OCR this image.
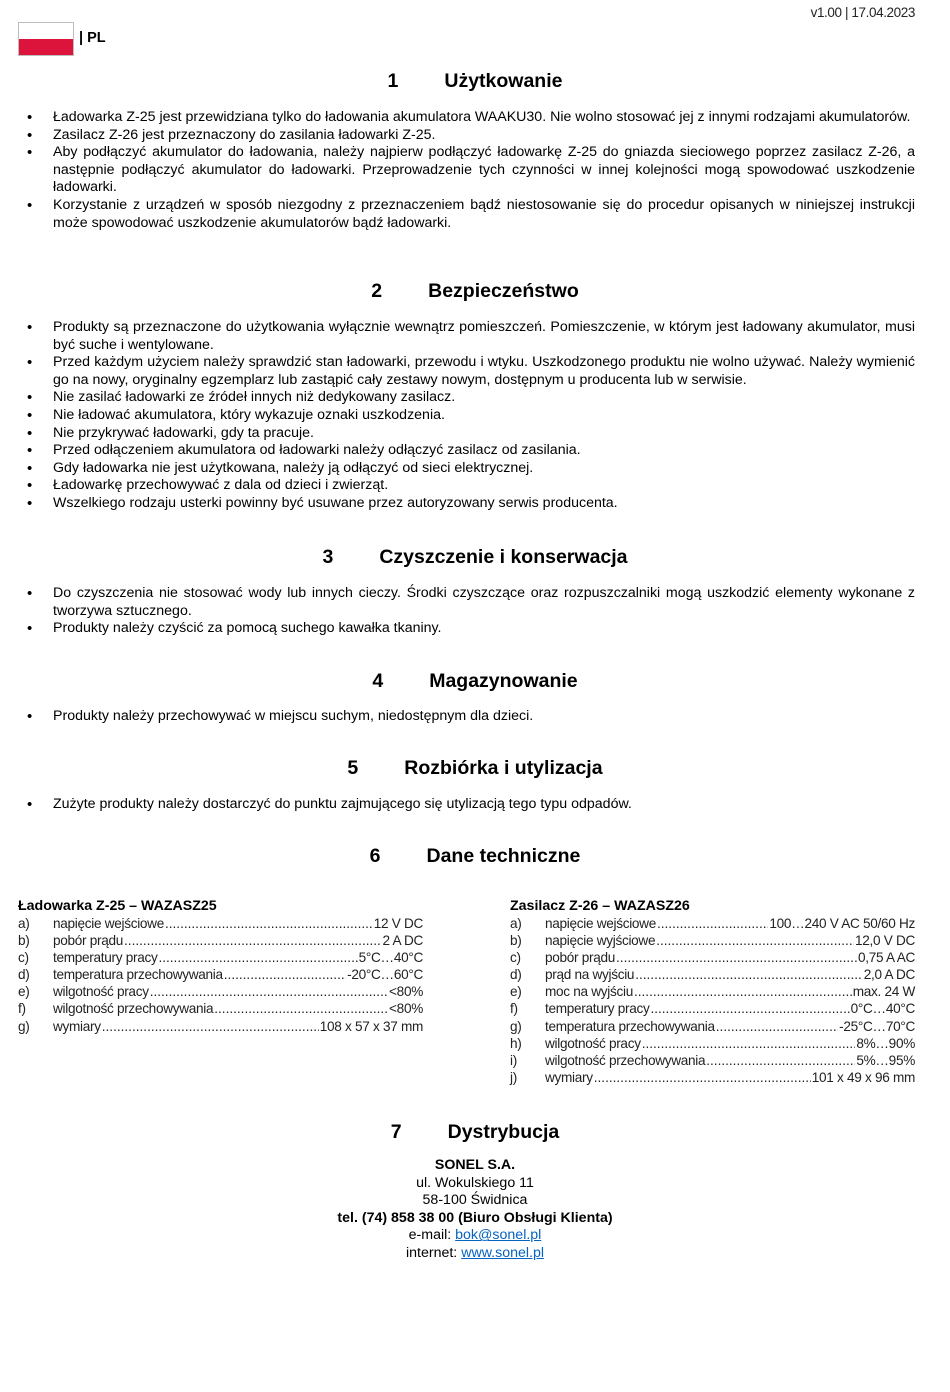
v1.00 | 17.04.2023
| PL
1 Użytkowanie
• Ładowarka Z-25 jest przewidziana tylko do ładowania akumulatora WAAKU30. Nie wolno stosować jej z innymi rodzajami akumulatorów.
• Zasilacz Z-26 jest przeznaczony do zasilania ładowarki Z-25.
• Aby podłączyć akumulator do ładowania, należy najpierw podłączyć ładowarkę Z-25 do gniazda sieciowego poprzez zasilacz Z-26, a następnie podłączyć akumulator do ładowarki. Przeprowadzenie tych czynności w innej kolejności mogą spowodować uszkodzenie ładowarki.
• Korzystanie z urządzeń w sposób niezgodny z przeznaczeniem bądź niestosowanie się do procedur opisanych w niniejszej instrukcji może spowodować uszkodzenie akumulatorów bądź ładowarki.
2 Bezpieczeństwo
• Produkty są przeznaczone do użytkowania wyłącznie wewnątrz pomieszczeń. Pomieszczenie, w którym jest ładowany akumulator, musi być suche i wentylowane.
• Przed każdym użyciem należy sprawdzić stan ładowarki, przewodu i wtyku. Uszkodzonego produktu nie wolno używać. Należy wymienić go na nowy, oryginalny egzemplarz lub zastąpić cały zestawy nowym, dostępnym u producenta lub w serwisie.
• Nie zasilać ładowarki ze źródeł innych niż dedykowany zasilacz.
• Nie ładować akumulatora, który wykazuje oznaki uszkodzenia.
• Nie przykrywać ładowarki, gdy ta pracuje.
• Przed odłączeniem akumulatora od ładowarki należy odłączyć zasilacz od zasilania.
• Gdy ładowarka nie jest użytkowana, należy ją odłączyć od sieci elektrycznej.
• Ładowarkę przechowywać z dala od dzieci i zwierząt.
• Wszelkiego rodzaju usterki powinny być usuwane przez autoryzowany serwis producenta.
3 Czyszczenie i konserwacja
• Do czyszczenia nie stosować wody lub innych cieczy. Środki czyszczące oraz rozpuszczalniki mogą uszkodzić elementy wykonane z tworzywa sztucznego.
• Produkty należy czyścić za pomocą suchego kawałka tkaniny.
4 Magazynowanie
• Produkty należy przechowywać w miejscu suchym, niedostępnym dla dzieci.
5 Rozbiórka i utylizacja
• Zużyte produkty należy dostarczyć do punktu zajmującego się utylizacją tego typu odpadów.
6 Dane techniczne
Ładowarka Z-25 – WAZASZ25
a)	napięcie wejściowe .....	12 V DC
b)	pobór prądu .....	2 A DC
c)	temperatury pracy .....	5°C…40°C
d)	temperatura przechowywania .....	-20°C…60°C
e)	wilgotność pracy .....	<80%
f)	wilgotność przechowywania .....	<80%
g)	wymiary .....	108 x 57 x 37 mm
Zasilacz Z-26 – WAZASZ26
a)	napięcie wejściowe .....	100…240 V AC 50/60 Hz
b)	napięcie wyjściowe .....	12,0 V DC
c)	pobór prądu .....	0,75 A AC
d)	prąd na wyjściu .....	2,0 A DC
e)	moc na wyjściu .....	max. 24 W
f)	temperatury pracy .....	0°C…40°C
g)	temperatura przechowywania .....	-25°C…70°C
h)	wilgotność pracy .....	8%…90%
i)	wilgotność przechowywania .....	5%…95%
j)	wymiary .....	101 x 49 x 96 mm
7 Dystrybucja
SONEL S.A.
ul. Wokulskiego 11
58-100 Świdnica
tel. (74) 858 38 00 (Biuro Obsługi Klienta)
e-mail: bok@sonel.pl
internet: www.sonel.pl
